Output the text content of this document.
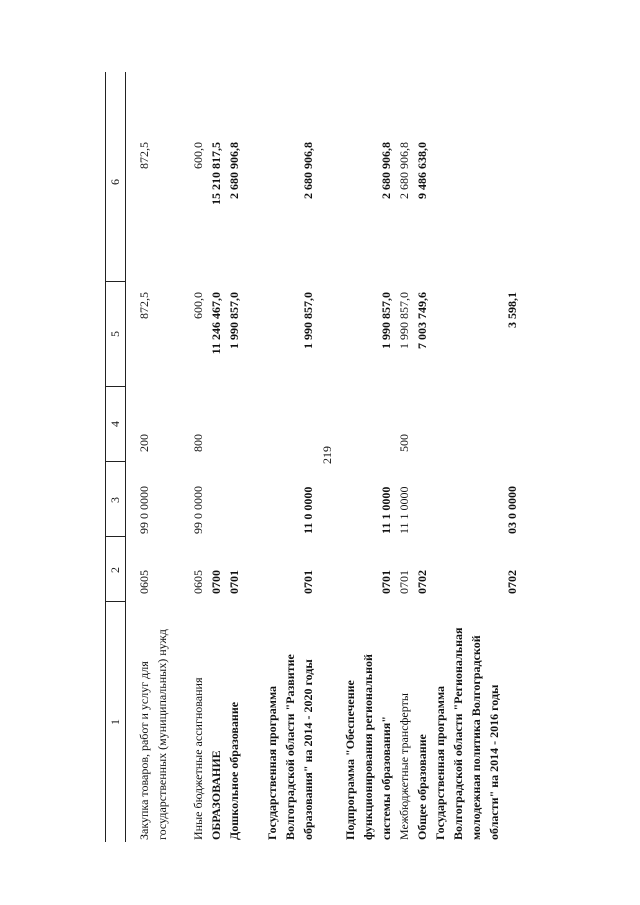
219
1
2
3
4
5
6
Закупка товаров, работ и услуг для государственных (муниципальных) нужд
0605
99 0 0000
200
872,5
872,5
Иные бюджетные ассигнования
0605
99 0 0000
800
600,0
600,0
ОБРАЗОВАНИЕ
0700
11 246 467,0
15 210 817,5
Дошкольное образование
0701
1 990 857,0
2 680 906,8
Государственная программа Волгоградской области "Развитие образования" на 2014 - 2020 годы
0701
11 0 0000
1 990 857,0
2 680 906,8
Подпрограмма "Обеспечение функционирования региональной системы образования"
0701
11 1 0000
1 990 857,0
2 680 906,8
Межбюджетные трансферты
0701
11 1 0000
500
1 990 857,0
2 680 906,8
Общее образование
0702
7 003 749,6
9 486 638,0
Государственная программа Волгоградской области "Региональная молодежная политика Волгоградской области" на 2014 - 2016 годы
0702
03 0 0000
3 598,1
